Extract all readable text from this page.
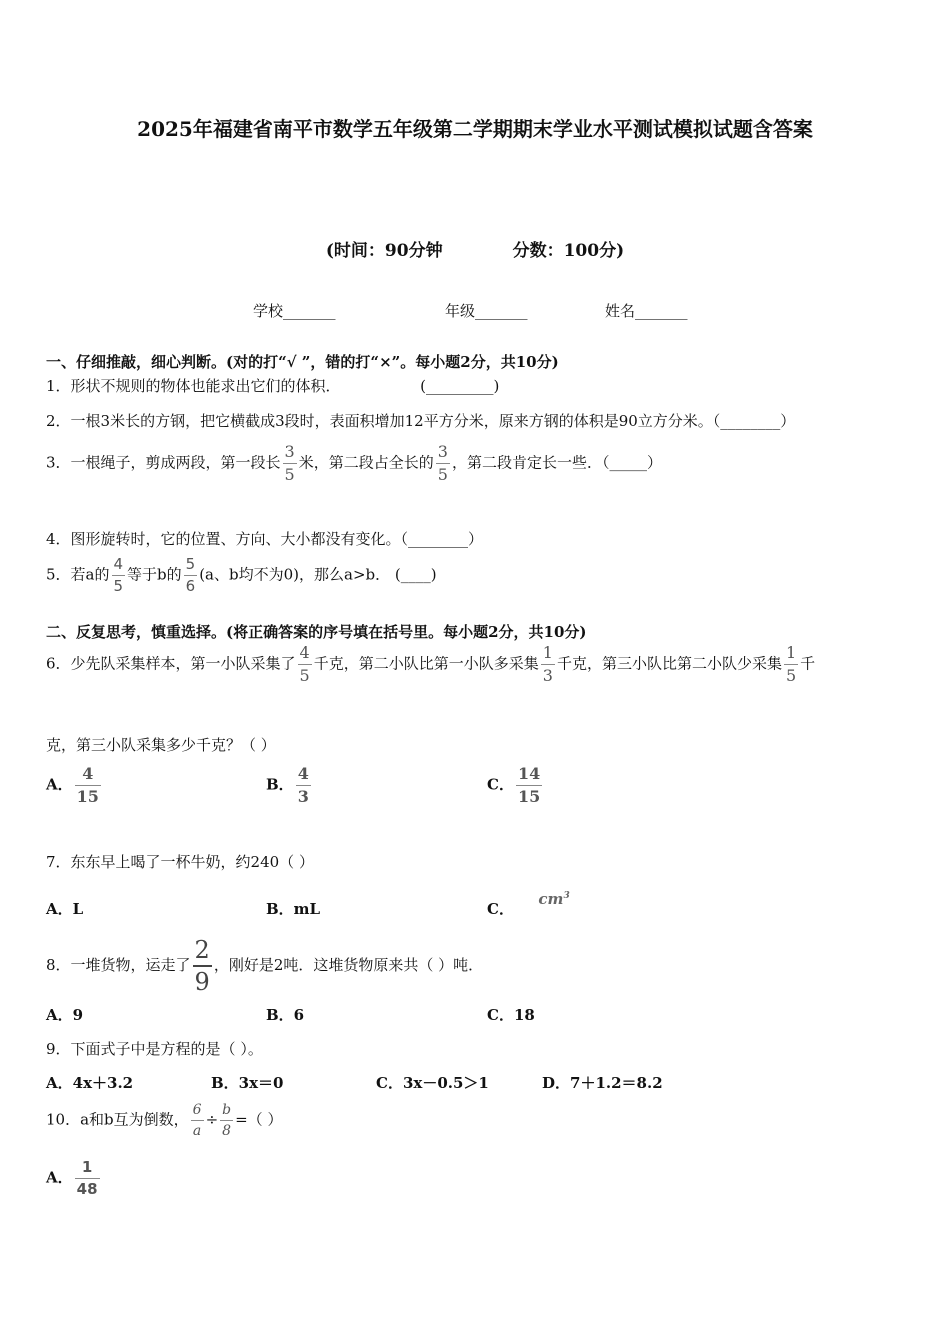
2025年福建省南平市数学五年级第二学期期末学业水平测试模拟试题含答案
(时间：90分钟	分数：100分)
学校_______	年级_______	姓名_______
一、仔细推敲，细心判断。(对的打“√ ”，错的打“×”。每小题2分，共10分)
1．形状不规则的物体也能求出它们的体积．	(_________)
2．一根3米长的方钢，把它横截成3段时，表面积增加12平方分米，原来方钢的体积是90立方分米。（________）
3．一根绳子，剪成两段，第一段长 $\frac{3}{5}$ 米，第二段占全长的 $\frac{3}{5}$ ，第二段肯定长一些．（_____）
4．图形旋转时，它的位置、方向、大小都没有变化。（________）
5．若a的 $\frac{4}{5}$ 等于b的 $\frac{5}{6} (a$、b均不为0)，那么a>b． (____)
二、反复思考，慎重选择。(将正确答案的序号填在括号里。每小题2分，共10分)
6．少先队采集样本，第一小队采集了 $\frac{4}{5}$ 千克，第二小队比第一小队多采集 $\frac{1}{3}$ 千克，第三小队比第二小队少采集 $\frac{1}{5}$ 千
克，第三小队采集多少千克？（ ）
A． $\frac{4}{15}$	B． $\frac{4}{3}$	C． $\frac{14}{15}$
7．东东早上喝了一杯牛奶，约240（ ）
A．L	B．mL	C．  $cm^3$
8．一堆货物，运走了 $\frac{2}{9}$ ，刚好是2吨．这堆货物原来共（ ）吨．
A．9	B．6	C．18
9．下面式子中是方程的是（ ）。
A．4x＋3.2	B．3x＝0	C．3x－0.5＞1	D．7＋1.2＝8.2
10．a和b互为倒数， $\frac{6}{a} \div \frac{b}{8}$ =（ ）
A． $\frac{1}{48}$
